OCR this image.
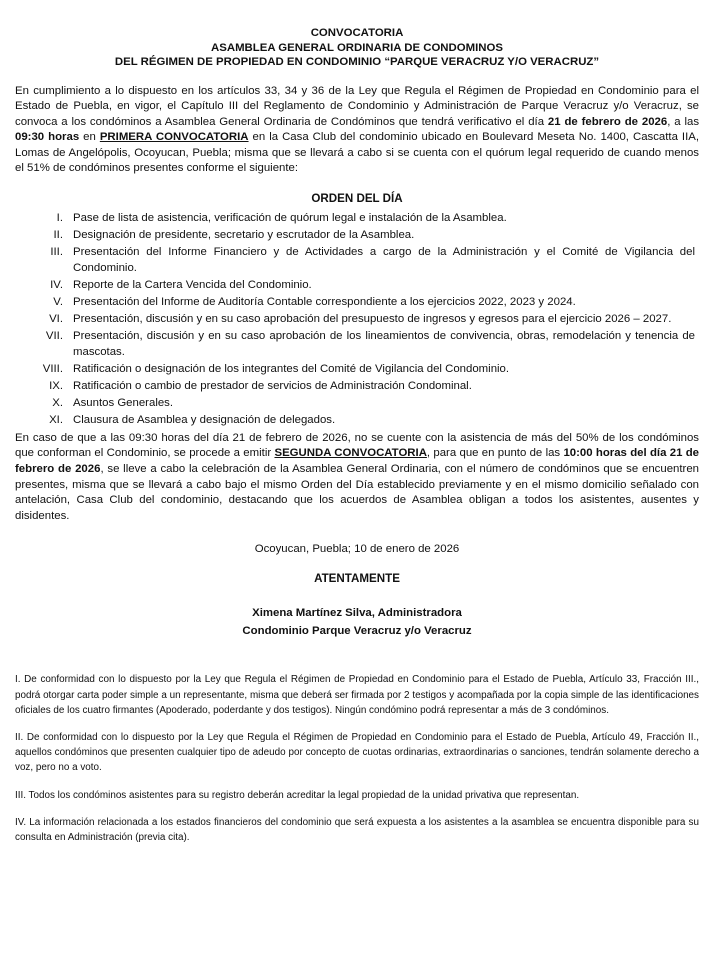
CONVOCATORIA
ASAMBLEA GENERAL ORDINARIA DE CONDOMINOS
DEL RÉGIMEN DE PROPIEDAD EN CONDOMINIO “PARQUE VERACRUZ Y/O VERACRUZ”

En cumplimiento a lo dispuesto en los artículos 33, 34 y 36 de la Ley que Regula el Régimen de Propiedad en Condominio para el Estado de Puebla, en vigor, el Capítulo III del Reglamento de Condominio y Administración de Parque Veracruz y/o Veracruz, se convoca a los condóminos a Asamblea General Ordinaria de Condóminos que tendrá verificativo el día 21 de febrero de 2026, a las 09:30 horas en PRIMERA CONVOCATORIA en la Casa Club del condominio ubicado en Boulevard Meseta No. 1400, Cascatta IIA, Lomas de Angelópolis, Ocoyucan, Puebla; misma que se llevará a cabo si se cuenta con el quórum legal requerido de cuando menos el 51% de condóminos presentes conforme el siguiente:

ORDEN DEL DÍA
I. Pase de lista de asistencia, verificación de quórum legal e instalación de la Asamblea.
II. Designación de presidente, secretario y escrutador de la Asamblea.
III. Presentación del Informe Financiero y de Actividades a cargo de la Administración y el Comité de Vigilancia del Condominio.
IV. Reporte de la Cartera Vencida del Condominio.
V. Presentación del Informe de Auditoría Contable correspondiente a los ejercicios 2022, 2023 y 2024.
VI. Presentación, discusión y en su caso aprobación del presupuesto de ingresos y egresos para el ejercicio 2026 – 2027.
VII. Presentación, discusión y en su caso aprobación de los lineamientos de convivencia, obras, remodelación y tenencia de mascotas.
VIII. Ratificación o designación de los integrantes del Comité de Vigilancia del Condominio.
IX. Ratificación o cambio de prestador de servicios de Administración Condominal.
X. Asuntos Generales.
XI. Clausura de Asamblea y designación de delegados.

En caso de que a las 09:30 horas del día 21 de febrero de 2026, no se cuente con la asistencia de más del 50% de los condóminos que conforman el Condominio, se procede a emitir SEGUNDA CONVOCATORIA, para que en punto de las 10:00 horas del día 21 de febrero de 2026, se lleve a cabo la celebración de la Asamblea General Ordinaria, con el número de condóminos que se encuentren presentes, misma que se llevará a cabo bajo el mismo Orden del Día establecido previamente y en el mismo domicilio señalado con antelación, Casa Club del condominio, destacando que los acuerdos de Asamblea obligan a todos los asistentes, ausentes y disidentes.

Ocoyucan, Puebla; 10 de enero de 2026
ATENTAMENTE
Ximena Martínez Silva, Administradora
Condominio Parque Veracruz y/o Veracruz

I. De conformidad con lo dispuesto por la Ley que Regula el Régimen de Propiedad en Condominio para el Estado de Puebla, Artículo 33, Fracción III., podrá otorgar carta poder simple a un representante, misma que deberá ser firmada por 2 testigos y acompañada por la copia simple de las identificaciones oficiales de los cuatro firmantes (Apoderado, poderdante y dos testigos). Ningún condómino podrá representar a más de 3 condóminos.

II. De conformidad con lo dispuesto por la Ley que Regula el Régimen de Propiedad en Condominio para el Estado de Puebla, Artículo 49, Fracción II., aquellos condóminos que presenten cualquier tipo de adeudo por concepto de cuotas ordinarias, extraordinarias o sanciones, tendrán solamente derecho a voz, pero no a voto.

III. Todos los condóminos asistentes para su registro deberán acreditar la legal propiedad de la unidad privativa que representan.

IV. La información relacionada a los estados financieros del condominio que será expuesta a los asistentes a la asamblea se encuentra disponible para su consulta en Administración (previa cita).
